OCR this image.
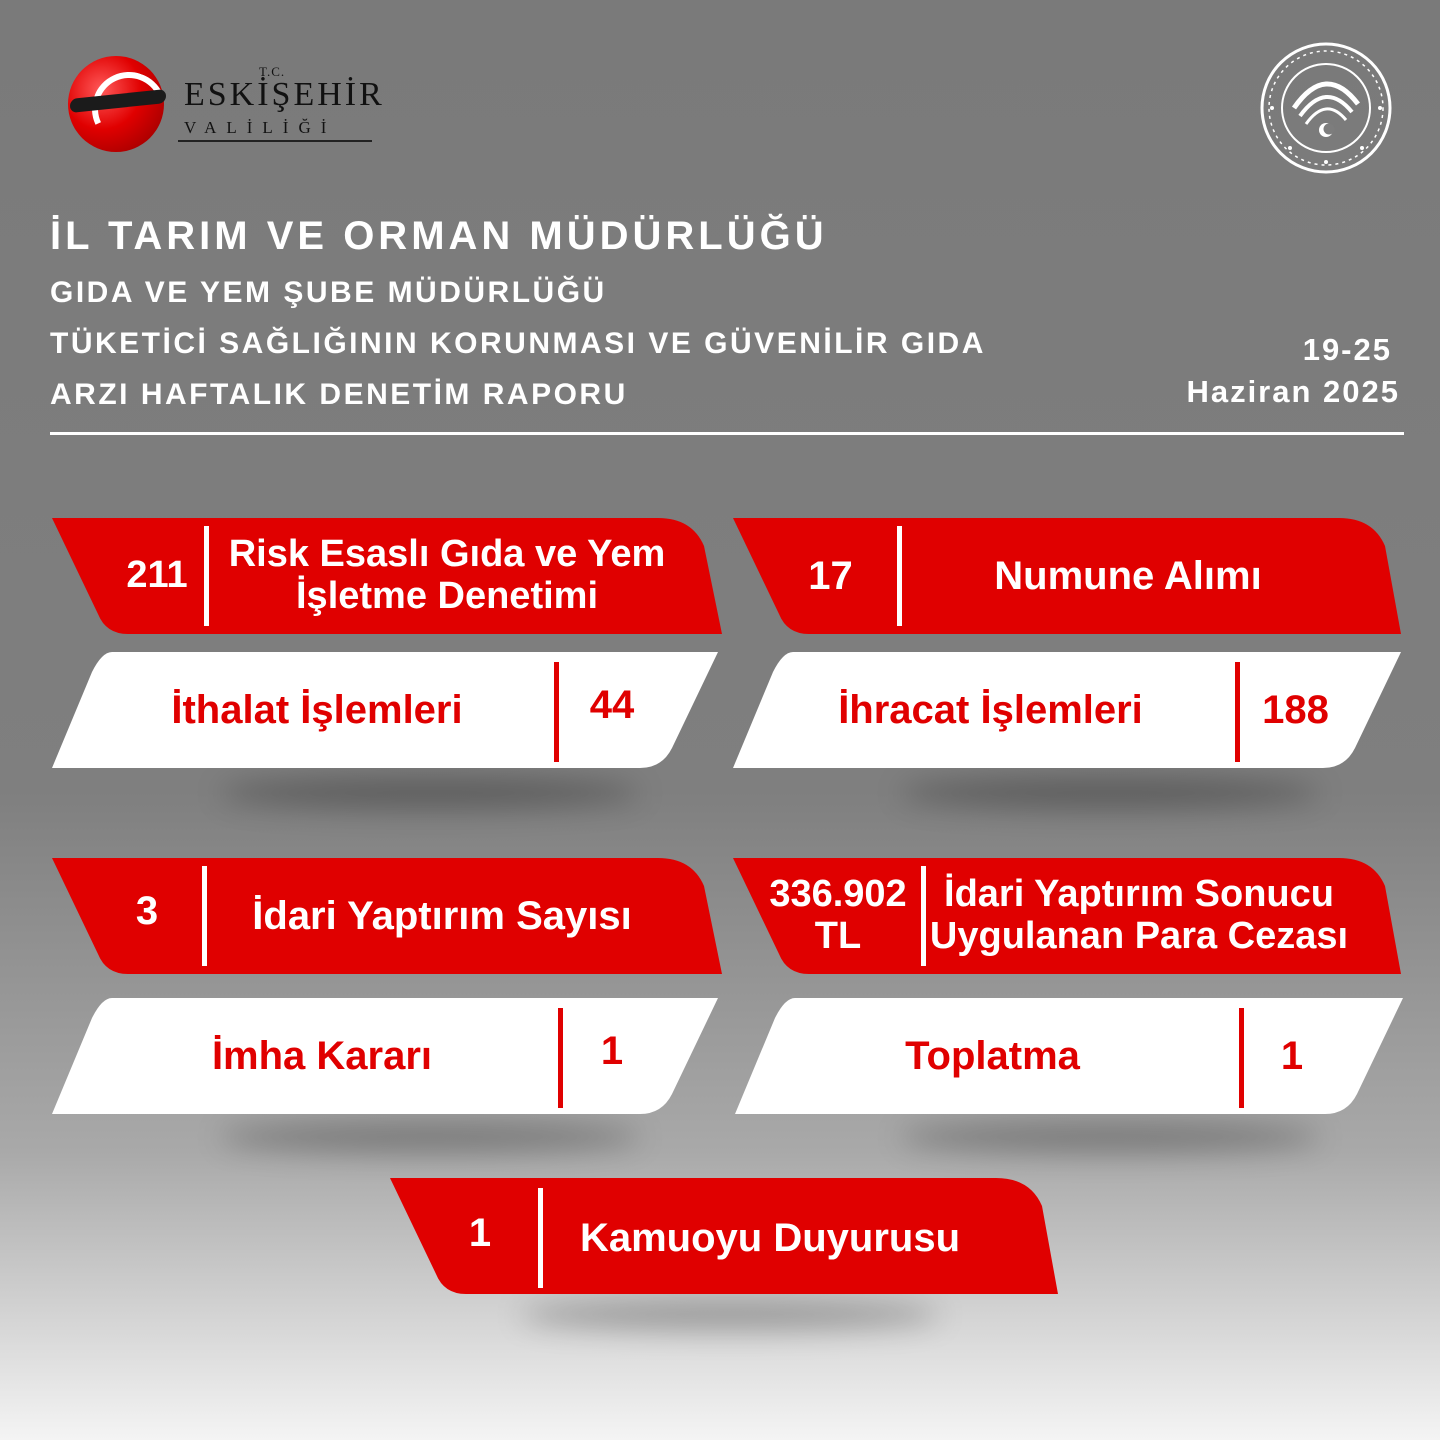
T.C.
ESKİŞEHİR
VALİLİĞİ
İL TARIM VE ORMAN MÜDÜRLÜĞÜ
GIDA VE YEM ŞUBE MÜDÜRLÜĞÜ
TÜKETİCİ SAĞLIĞININ KORUNMASI VE GÜVENİLİR GIDA
ARZI HAFTALIK DENETİM RAPORU
19-25
Haziran 2025
211	Risk Esaslı Gıda ve Yem İşletme Denetimi	17	Numune Alımı
İthalat İşlemleri	44	İhracat İşlemleri	188
3	İdari Yaptırım Sayısı	336.902 TL
İdari Yaptırım Sonucu Uygulanan Para Cezası
İmha Kararı	1	Toplatma	1
1	Kamuoyu Duyurusu
